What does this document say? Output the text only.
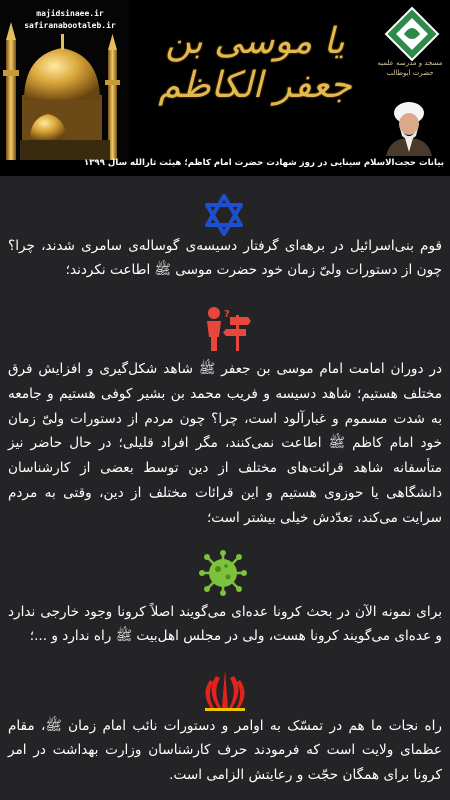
majidsinaee.ir
safiranabootaleb.ir	یا موسی بن جعفر الکاظم
مسجد و مدرسه علمیه
حضرت ابوطالب
بیانات حجت‌الاسلام سینایی در روز شهادت حضرت امام کاظم؛ هیئت ثارالله سال ۱۳۹۹
قوم بنی‌اسرائیل در برهه‌ای گرفتار دسیسه‌ی گوساله‌ی سامری شدند، چرا؟ چون از دستورات ولیّ زمان خود حضرت موسی ﷺ اطاعت نکردند؛
?
در دوران امامت امام موسی بن جعفر ﷺ شاهد شکل‌گیری و افزایش فرق مختلف هستیم؛ شاهد دسیسه و فریب محمد بن بشیر کوفی هستیم و جامعه به شدت مسموم و غبارآلود است، چرا؟ چون مردم از دستورات ولیّ زمان خود امام کاظم ﷺ اطاعت نمی‌کنند، مگر افراد قلیلی؛ در حال حاضر نیز متأسفانه شاهد قرائت‌های مختلف از دین توسط بعضی از کارشناسان دانشگاهی یا حوزوی هستیم و این قرائات مختلف از دین، وقتی به مردم سرایت می‌کند، تعدّدش خیلی بیشتر است؛
برای نمونه الآن در بحث کرونا عده‌ای می‌گویند اصلاً کرونا وجود خارجی ندارد و عده‌ای می‌گویند کرونا هست، ولی در مجلس اهل‌بیت ﷺ راه ندارد و ...؛
راه نجات ما هم در تمسّک به اوامر و دستورات نائب امام زمان ﷺ، مقام عظمای ولایت است که فرمودند حرف کارشناسان وزارت بهداشت در امر کرونا برای همگان حجّت و رعایتش الزامی است.
